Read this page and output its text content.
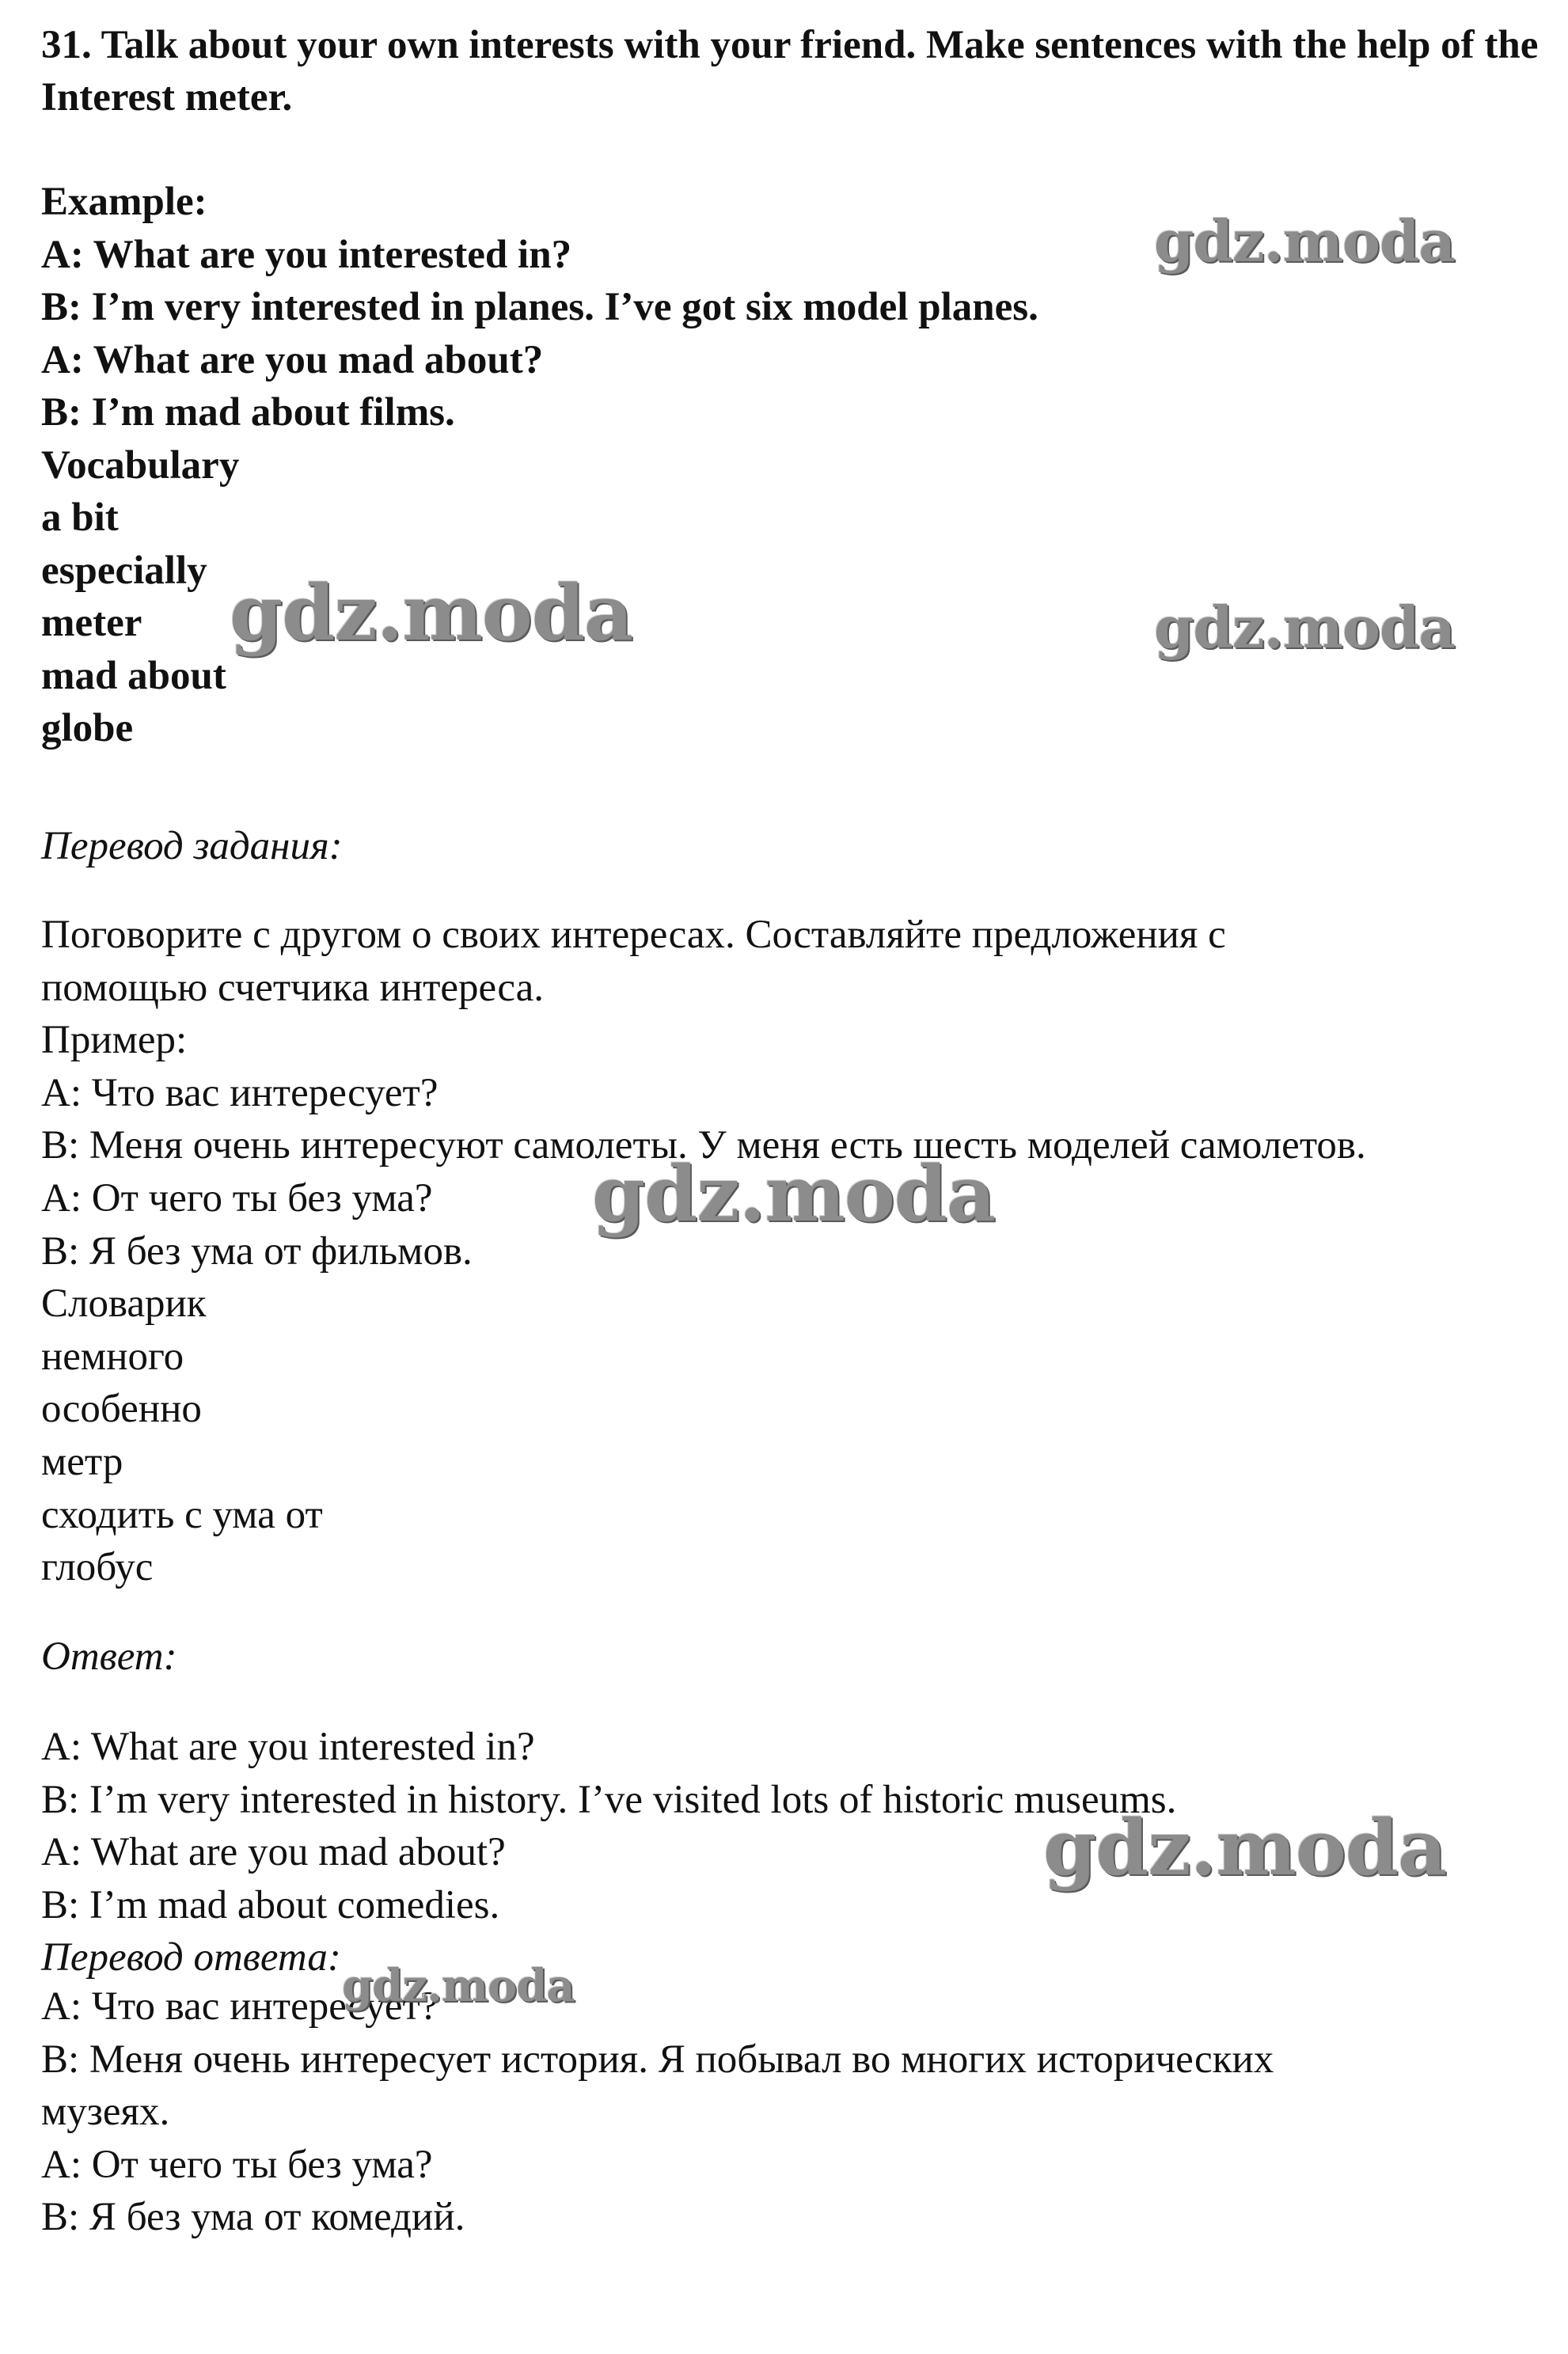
31. Talk about your own interests with your friend. Make sentences with the help of the Interest meter.

Example:

A: What are you interested in?

B: I’m very interested in planes. I’ve got six model planes.

A: What are you mad about?

B: I’m mad about films.

Vocabulary

a bit

especially

meter

mad about

globe

Перевод задания:

Поговорите с другом о своих интересах. Составляйте предложения с

помощью счетчика интереса.

Пример:

А: Что вас интересует?

В: Меня очень интересуют самолеты. У меня есть шесть моделей самолетов.

А: От чего ты без ума?

В: Я без ума от фильмов.

Словарик

немного

особенно

метр

сходить с ума от

глобус

Ответ:

A: What are you interested in?

B: I’m very interested in history. I’ve visited lots of historic museums.

A: What are you mad about?

B: I’m mad about comedies.

Перевод ответа:

А: Что вас интересует?

В: Меня очень интересует история. Я побывал во многих исторических

музеях.

А: От чего ты без ума?

В: Я без ума от комедий.

gdz.moda
gdz.moda	gdz.moda
gdz.moda
gdz.moda
gdz.moda
